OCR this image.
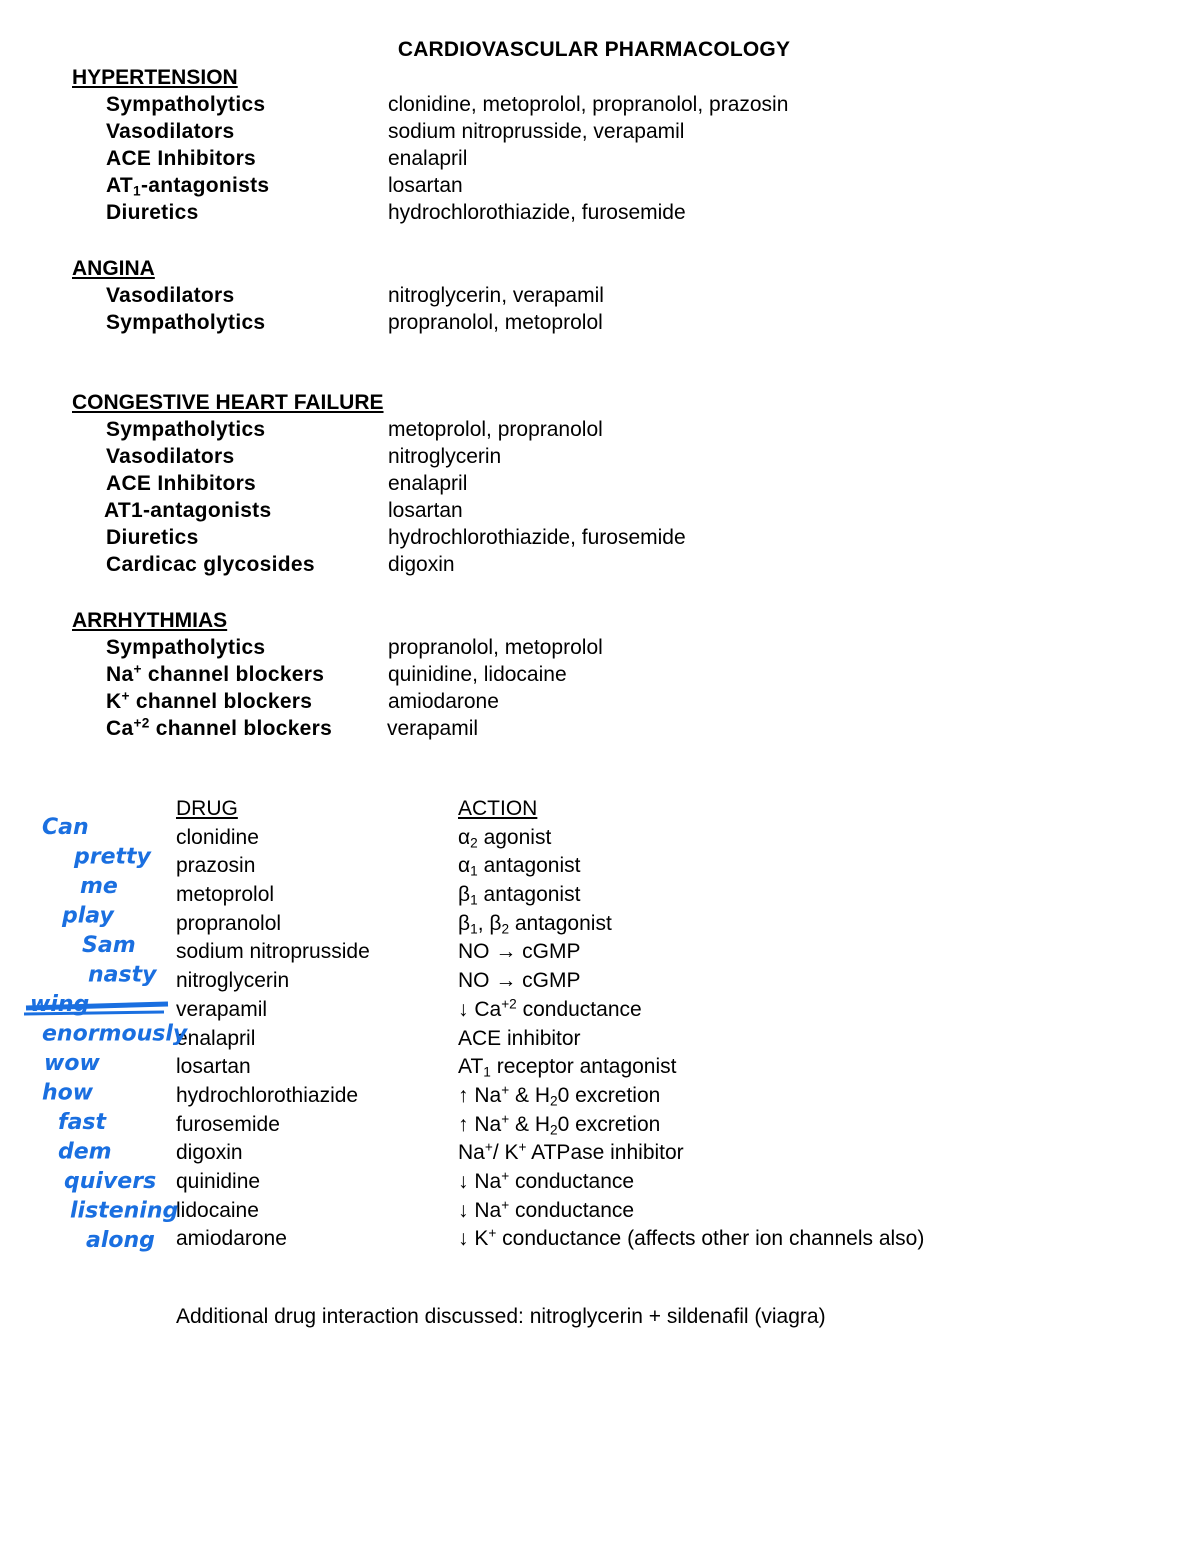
CARDIOVASCULAR PHARMACOLOGY
HYPERTENSION
Sympatholytics	clonidine, metoprolol, propranolol, prazosin
Vasodilators	sodium nitroprusside, verapamil
ACE Inhibitors	enalapril
$AT_1$-antagonists	losartan
Diuretics	hydrochlorothiazide, furosemide
ANGINA
Vasodilators	nitroglycerin, verapamil
Sympatholytics	propranolol, metoprolol
CONGESTIVE HEART FAILURE
Sympatholytics	metoprolol, propranolol
Vasodilators	nitroglycerin
ACE Inhibitors	enalapril
AT1-antagonists	losartan
Diuretics	hydrochlorothiazide, furosemide
Cardicac glycosides	digoxin
ARRHYTHMIAS
Sympatholytics	propranolol, metoprolol
Na+ channel blockers	quinidine, lidocaine
K+ channel blockers	amiodarone
$Ca^{+2}$ channel blockers	verapamil
DRUG	ACTION
clonidine	$\alpha_2$ agonist
prazosin	$\alpha_1$ antagonist
metoprolol	$\beta_1$ antagonist
propranolol	$\beta_1$, $\beta_2$ antagonist
sodium nitroprusside	NO → cGMP
nitroglycerin	NO → cGMP
verapamil	↓ $Ca^{+2}$ conductance
enalapril	ACE inhibitor
losartan	$AT_1$ receptor antagonist
hydrochlorothiazide	↑ Na+ & $H_20$ excretion
furosemide	↑ Na+ & $H_20$ excretion
digoxin	Na+/ K+ ATPase inhibitor
quinidine	↓ Na+ conductance
lidocaine	↓ Na+ conductance
amiodarone	↓ K+ conductance (affects other ion channels also)
Additional drug interaction discussed: nitroglycerin + sildenafil (viagra)
Can
pretty
me
play
Sam
nasty
wing
enormously
wow
how
fast
dem
quivers
listening
along
